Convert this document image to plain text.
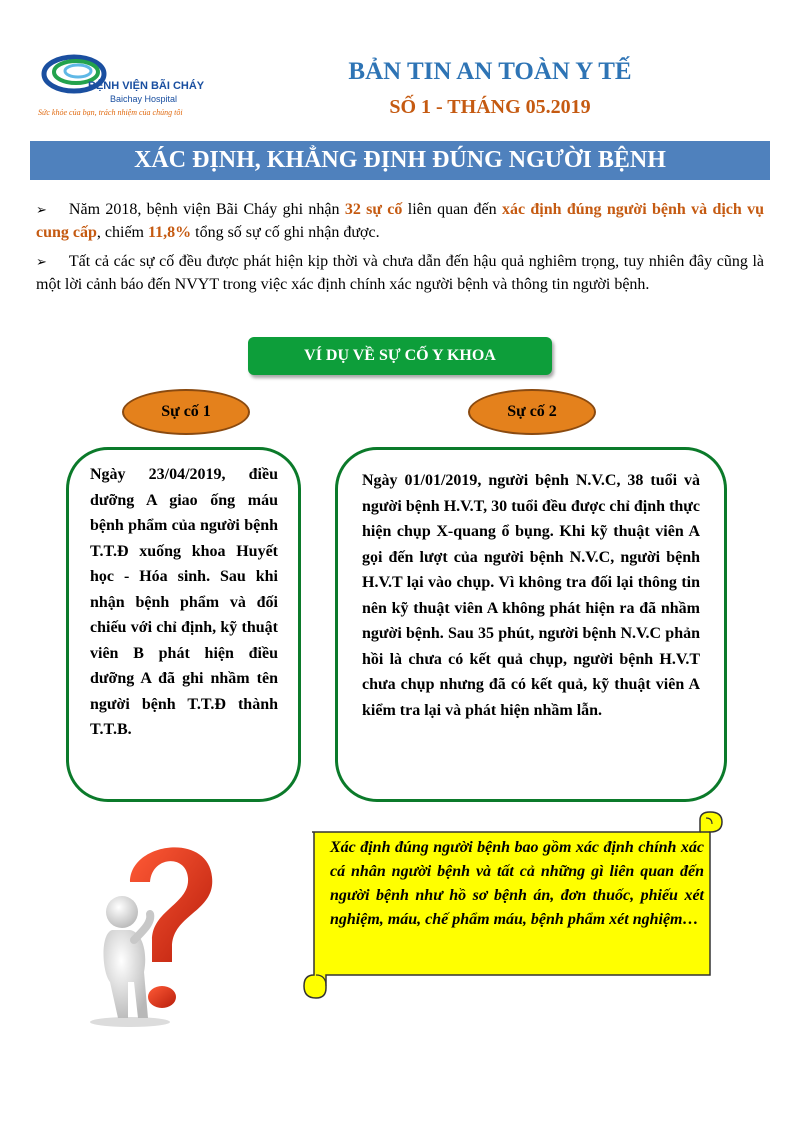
BỆNH VIỆN BÃI CHÁY
Baichay Hospital
Sức khỏe của bạn, trách nhiệm của chúng tôi
BẢN TIN AN TOÀN Y TẾ
SỐ 1 - THÁNG 05.2019
XÁC ĐỊNH, KHẲNG ĐỊNH ĐÚNG NGƯỜI BỆNH
➢ Năm 2018, bệnh viện Bãi Cháy ghi nhận 32 sự cố liên quan đến xác định đúng người bệnh và dịch vụ cung cấp, chiếm 11,8% tổng số sự cố ghi nhận được.
➢ Tất cả các sự cố đều được phát hiện kịp thời và chưa dẫn đến hậu quả nghiêm trọng, tuy nhiên đây cũng là một lời cảnh báo đến NVYT trong việc xác định chính xác người bệnh và thông tin người bệnh.
VÍ DỤ VỀ SỰ CỐ Y KHOA
Sự cố 1	Sự cố 2
Ngày 23/04/2019, điều dưỡng A giao ống máu bệnh phẩm của người bệnh T.T.Đ xuống khoa Huyết học - Hóa sinh. Sau khi nhận bệnh phẩm và đối chiếu với chỉ định, kỹ thuật viên B phát hiện điều dưỡng A đã ghi nhầm tên người bệnh T.T.Đ thành T.T.B.
Ngày 01/01/2019, người bệnh N.V.C, 38 tuổi và người bệnh H.V.T, 30 tuổi đều được chỉ định thực hiện chụp X-quang ổ bụng. Khi kỹ thuật viên A gọi đến lượt của người bệnh N.V.C, người bệnh H.V.T lại vào chụp. Vì không tra đối lại thông tin nên kỹ thuật viên A không phát hiện ra đã nhầm người bệnh. Sau 35 phút, người bệnh N.V.C phản hồi là chưa có kết quả chụp, người bệnh H.V.T chưa chụp nhưng đã có kết quả, kỹ thuật viên A kiểm tra lại và phát hiện nhầm lẫn.
Xác định đúng người bệnh bao gồm xác định chính xác cá nhân người bệnh và tất cả những gì liên quan đến người bệnh như hồ sơ bệnh án, đơn thuốc, phiếu xét nghiệm, máu, chế phẩm máu, bệnh phẩm xét nghiệm…
